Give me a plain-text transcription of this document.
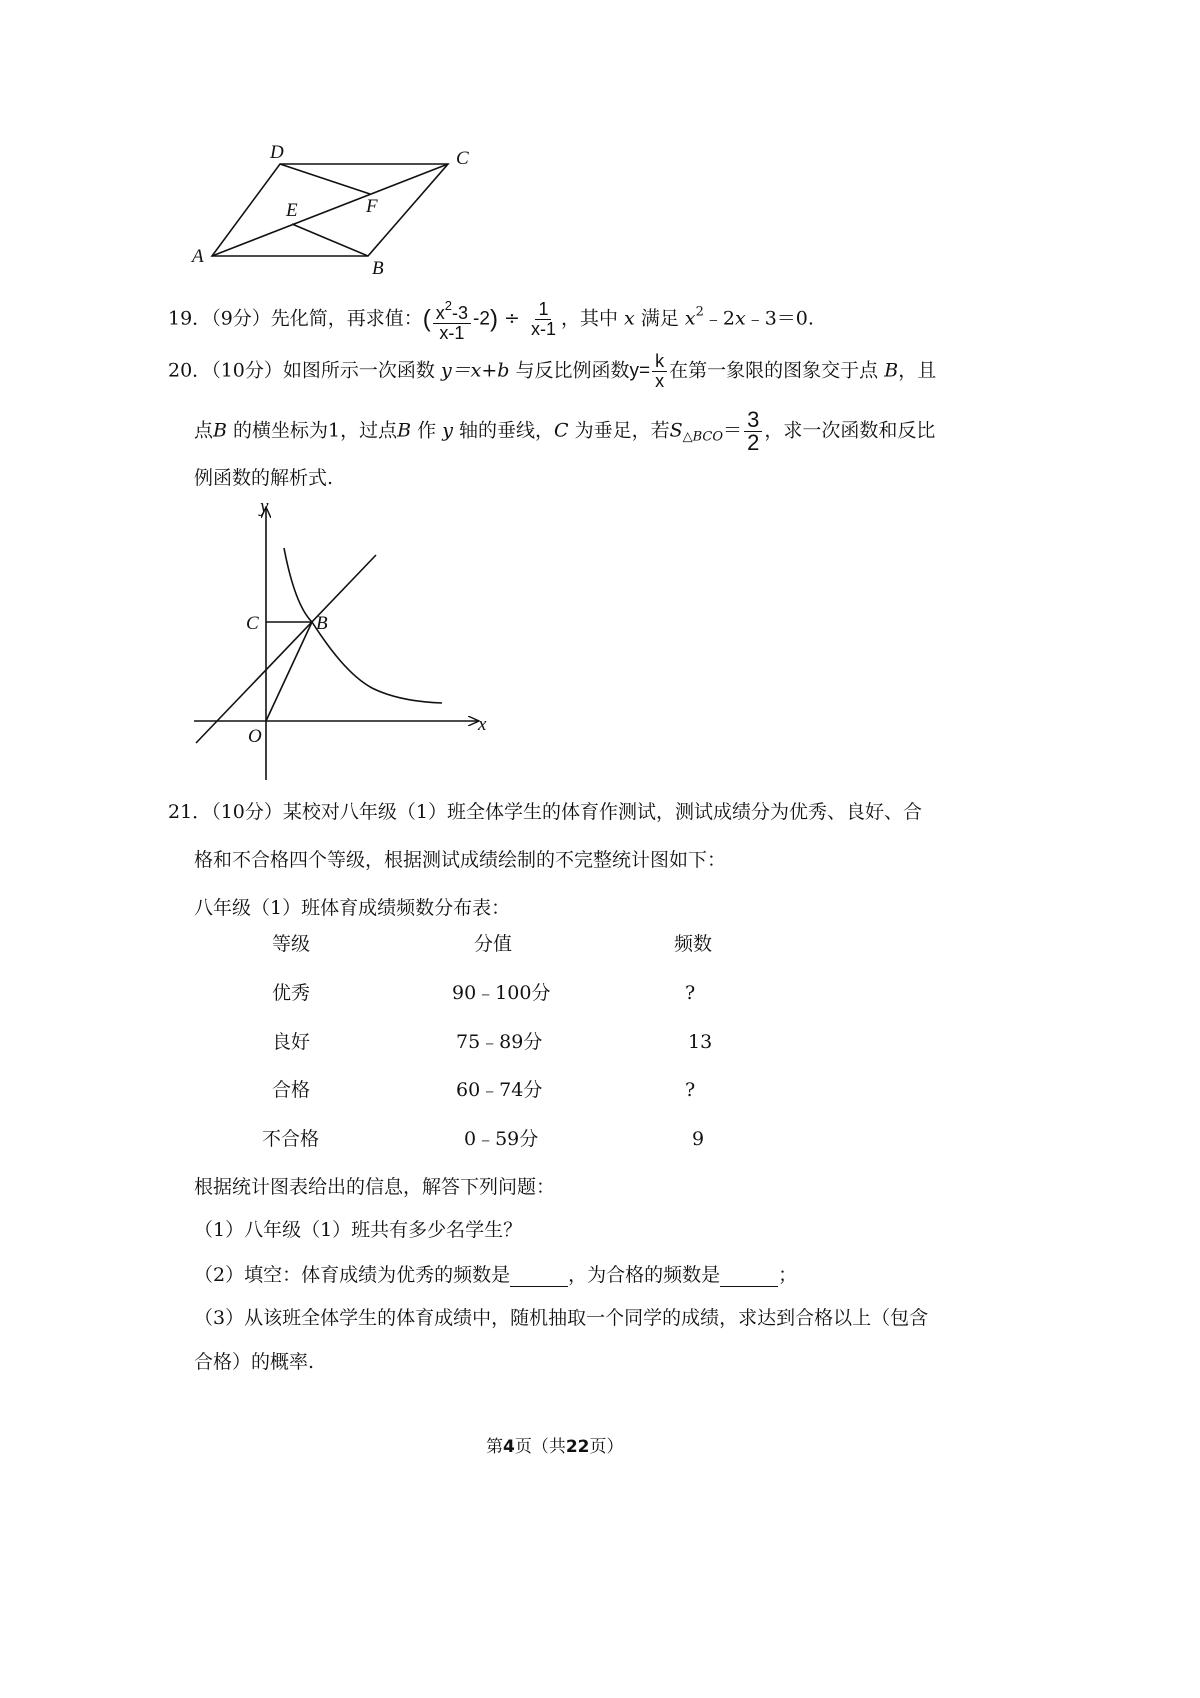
D	C
E	F
A
B
19．（9分）先化简，再求值：( $\frac{x^2-3}{x-1} -2) \div \frac{1}{x-1}$ ，其中 x 满足 $x^2﹣2x﹣3=0$.
20．（10分）如图所示一次函数 y＝x+b 与反比例函数$y= \frac{k}{x}$ 在第一象限的图象交于点 B，且
点B 的横坐标为1，过点B 作 y 轴的垂线，C 为垂足，若$S_{\triangle BCO}= \frac{3}{2}$ ，求一次函数和反比
例函数的解析式.
y
x
C	B
O
21．（10分）某校对八年级（1）班全体学生的体育作测试，测试成绩分为优秀、良好、合
格和不合格四个等级，根据测试成绩绘制的不完整统计图如下：
八年级（1）班体育成绩频数分布表：
等级	分值	频数
优秀	90﹣100分	?
良好	75﹣89分	13
合格	60﹣74分	?
不合格	0﹣59分	9
根据统计图表给出的信息，解答下列问题：
（1）八年级（1）班共有多少名学生？
（2）填空：体育成绩为优秀的频数是	，为合格的频数是	；
（3）从该班全体学生的体育成绩中，随机抽取一个同学的成绩，求达到合格以上（包含
合格）的概率.
第4页（共22页）
